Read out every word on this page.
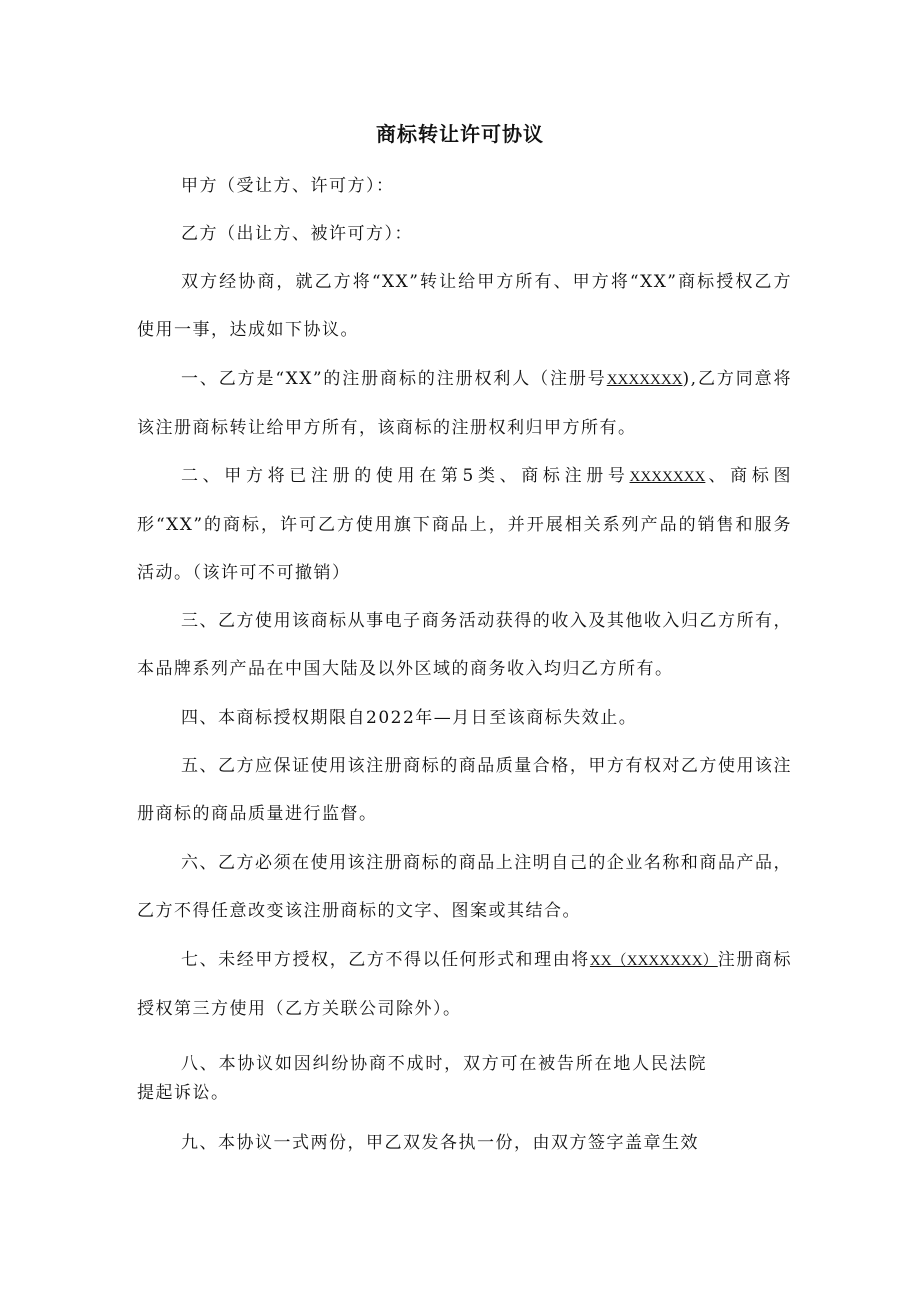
商标转让许可协议
甲方（受让方、许可方）：
乙方（出让方、被许可方）：
双方经协商，就乙方将“XX”转让给甲方所有、甲方将“XX”商标授权乙方使用一事，达成如下协议。
一、乙方是“XX”的注册商标的注册权利人（注册号XXXXXXX),乙方同意将该注册商标转让给甲方所有，该商标的注册权利归甲方所有。
二、甲方将已注册的使用在第5类、商标注册号XXXXXXX、商标图形“XX”的商标，许可乙方使用旗下商品上，并开展相关系列产品的销售和服务活动。（该许可不可撤销）
三、乙方使用该商标从事电子商务活动获得的收入及其他收入归乙方所有，本品牌系列产品在中国大陆及以外区域的商务收入均归乙方所有。
四、本商标授权期限自2022年—月日至该商标失效止。
五、乙方应保证使用该注册商标的商品质量合格，甲方有权对乙方使用该注册商标的商品质量进行监督。
六、乙方必须在使用该注册商标的商品上注明自己的企业名称和商品产品，乙方不得任意改变该注册商标的文字、图案或其结合。
七、未经甲方授权，乙方不得以任何形式和理由将XX（XXXXXXX）注册商标授权第三方使用（乙方关联公司除外）。
八、本协议如因纠纷协商不成时，双方可在被告所在地人民法院提起诉讼。
九、本协议一式两份，甲乙双发各执一份，由双方签字盖章生效
